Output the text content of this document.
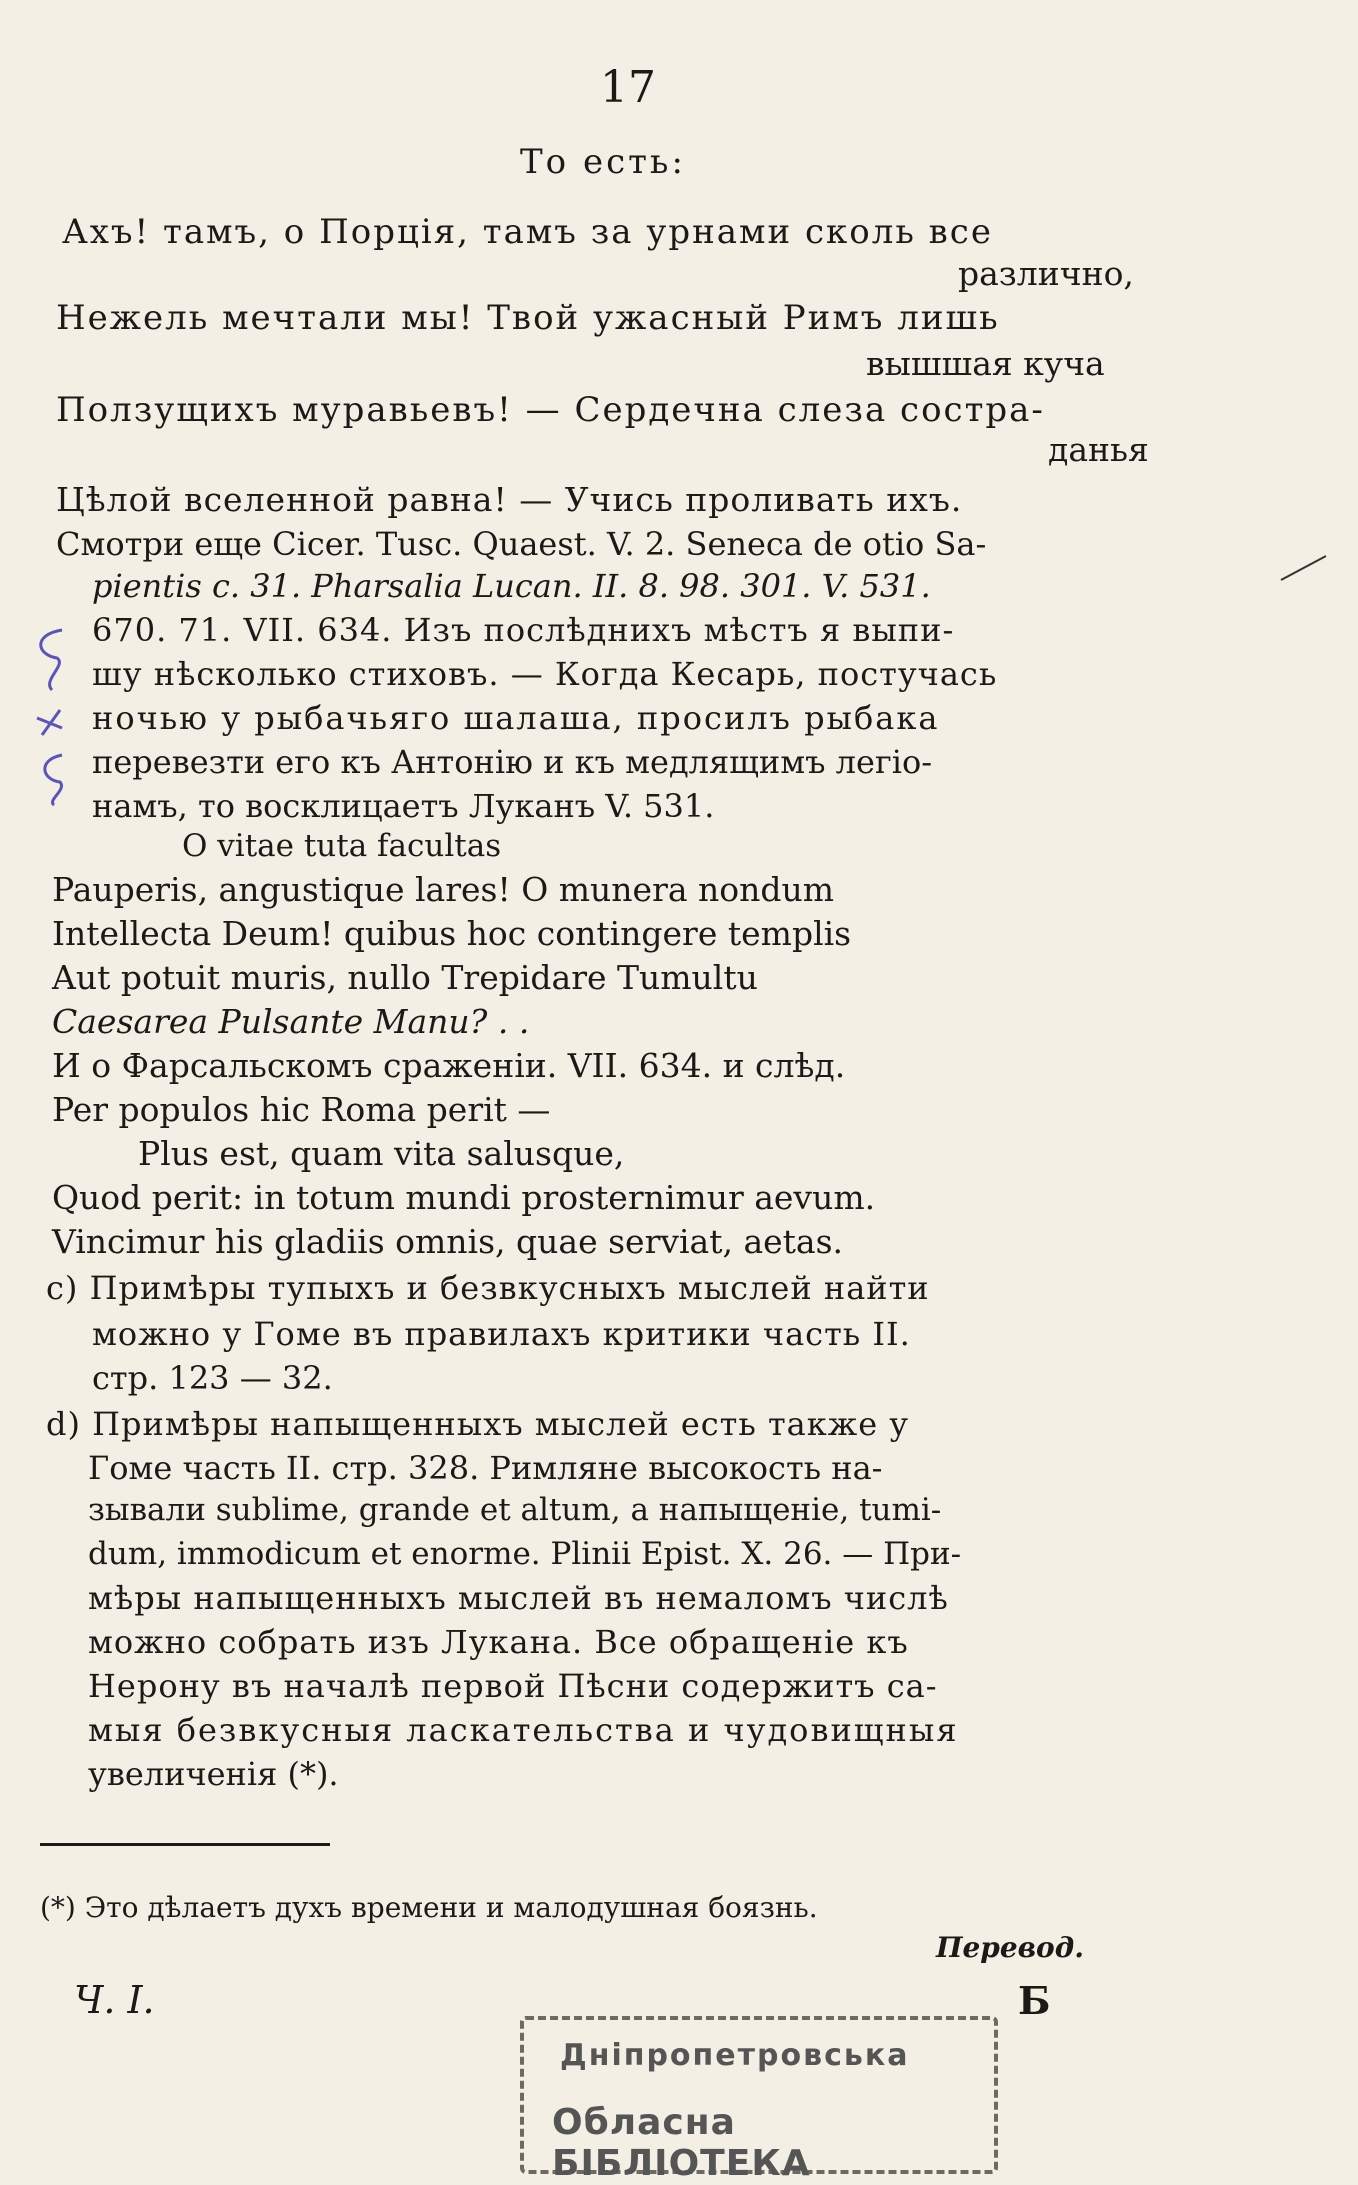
17
То есть:
Ахъ! тамъ, о Порція, тамъ за урнами сколь все
различно,
Нежель мечтали мы! Твой ужасный Римъ лишь
вышшая куча
Ползущихъ муравьевъ! — Сердечна слеза состра-
данья
Цѣлой вселенной равна! — Учись проливать ихъ.
Смотри еще Cicer. Tusc. Quaest. V. 2. Seneca de otio Sa-
pientis c. 31. Pharsalia Lucan. II. 8. 98. 301. V. 531.
670. 71. VII. 634. Изъ послѣднихъ мѣстъ я выпи-
шу нѣсколько стиховъ. — Когда Кесарь, постучась
ночью у рыбачьяго шалаша, просилъ рыбака
перевезти его къ Антонію и къ медлящимъ легіо-
намъ, то восклицаетъ Луканъ V. 531.
O vitae tuta facultas
Pauperis, angustique lares! O munera nondum
Intellecta Deum! quibus hoc contingere templis
Aut potuit muris, nullo Trepidare Tumultu
Caesarea Pulsante Manu? . .
И о Фарсальскомъ сраженіи. VII. 634. и слѣд.
Per populos hic Roma perit —
Plus est, quam vita salusque,
Quod perit: in totum mundi prosternimur aevum.
Vincimur his gladiis omnis, quae serviat, aetas.
c) Примѣры тупыхъ и безвкусныхъ мыслей найти
можно у Гоме въ правилахъ критики часть II.
стр. 123 — 32.
d) Примѣры напыщенныхъ мыслей есть также у
Гоме часть II. стр. 328. Римляне высокость на-
зывали sublime, grande et altum, а напыщеніе, tumi-
dum, immodicum et enorme. Plinii Epist. X. 26. — При-
мѣры напыщенныхъ мыслей въ немаломъ числѣ
можно собрать изъ Лукана. Все обращеніе къ
Нерону въ началѣ первой Пѣсни содержитъ са-
мыя безвкусныя ласкательства и чудовищныя
увеличенія (*).
(*) Это дѣлаетъ духъ времени и малодушная боязнь.
Перевод.
Ч. I.	Б
Дніпропетровська
Обласна БІБЛІОТЕКА
